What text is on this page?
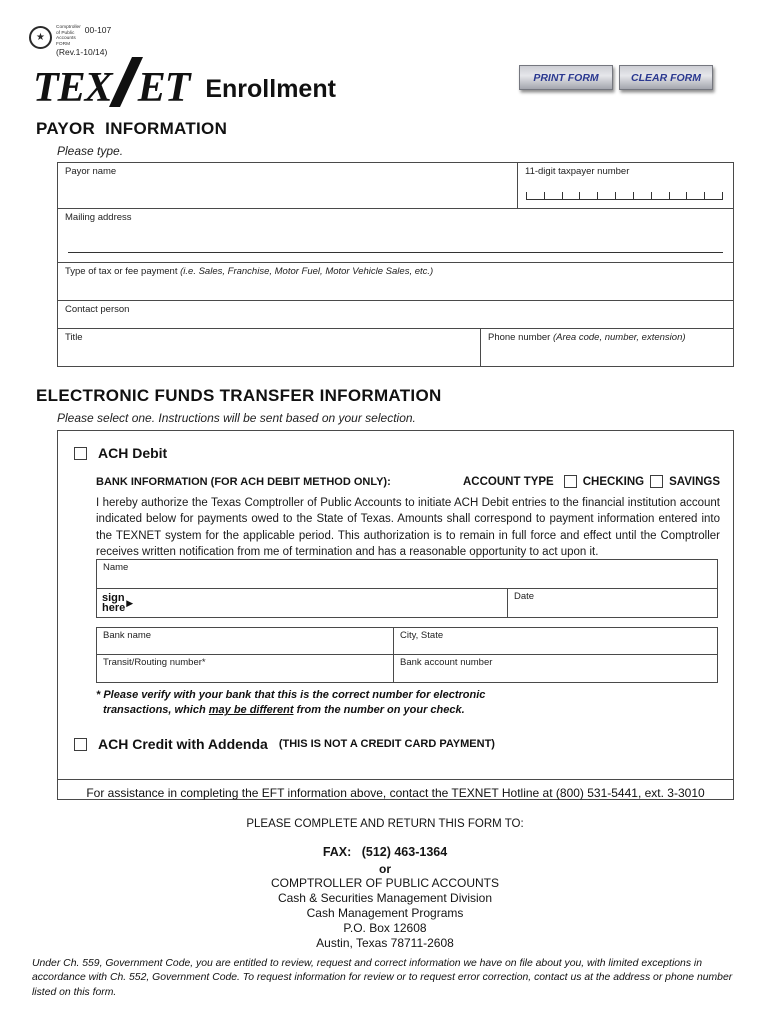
★
Comptroller
of Public
Accounts
FORM
00-107
(Rev.1-10/14)
TEX ET Enrollment	PRINT FORM	CLEAR FORM
PAYOR  INFORMATION
Please type.
Payor name	11-digit taxpayer number
Mailing address
Type of tax or fee payment (i.e. Sales, Franchise, Motor Fuel, Motor Vehicle Sales, etc.)
Contact person
Title	Phone number (Area code, number, extension)
ELECTRONIC FUNDS TRANSFER INFORMATION
Please select one. Instructions will be sent based on your selection.
ACH Debit
BANK INFORMATION (FOR ACH DEBIT METHOD ONLY):	ACCOUNT TYPE	CHECKING SAVINGS
I hereby authorize the Texas Comptroller of Public Accounts to initiate ACH Debit entries to the financial institution account indicated below for payments owed to the State of Texas. Amounts shall correspond to payment information entered into the TEXNET system for the applicable period. This authorization is to remain in full force and effect until the Comptroller receives written notification from me of termination and has a reasonable opportunity to act upon it.
Name
sign
here ▶
Date
Bank name	City, State
Transit/Routing number*	Bank account number
* Please verify with your bank that this is the correct number for electronic
transactions, which may be different from the number on your check.
ACH Credit with Addenda (THIS IS NOT A CREDIT CARD PAYMENT)
For assistance in completing the EFT information above, contact the TEXNET Hotline at (800) 531-5441, ext. 3-3010
PLEASE COMPLETE AND RETURN THIS FORM TO:
FAX:   (512) 463-1364
or
COMPTROLLER OF PUBLIC ACCOUNTS
Cash & Securities Management Division
Cash Management Programs
P.O. Box 12608
Austin, Texas 78711-2608
Under Ch. 559, Government Code, you are entitled to review, request and correct information we have on file about you, with limited exceptions in accordance with Ch. 552, Government Code. To request information for review or to request error correction, contact us at the address or phone number listed on this form.
